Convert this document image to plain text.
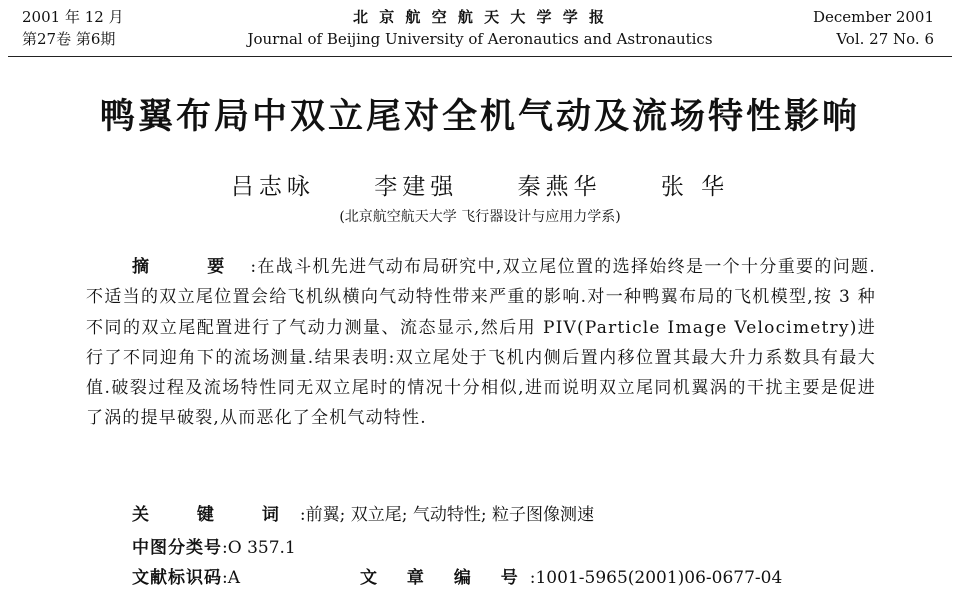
2001 年 12 月
第27卷 第6期
北 京 航 空 航 天 大 学 学 报
Journal of Beijing University of Aeronautics and Astronautics
December 2001
Vol. 27 No. 6
鸭翼布局中双立尾对全机气动及流场特性影响
吕志咏	李建强	秦燕华	张 华
(北京航空航天大学 飞行器设计与应用力学系)

摘 要:在战斗机先进气动布局研究中,双立尾位置的选择始终是一个十分重要的问题.不适当的双立尾位置会给飞机纵横向气动特性带来严重的影响.对一种鸭翼布局的飞机模型,按 3 种不同的双立尾配置进行了气动力测量、流态显示,然后用 PIV(Particle Image Velocimetry)进行了不同迎角下的流场测量.结果表明:双立尾处于飞机内侧后置内移位置其最大升力系数具有最大值.破裂过程及流场特性同无双立尾时的情况十分相似,进而说明双立尾同机翼涡的干扰主要是促进了涡的提早破裂,从而恶化了全机气动特性.

关 键 词:前翼; 双立尾; 气动特性; 粒子图像测速
中图分类号:O 357.1
文献标识码:A	文 章 编 号:1001-5965(2001)06-0677-04
